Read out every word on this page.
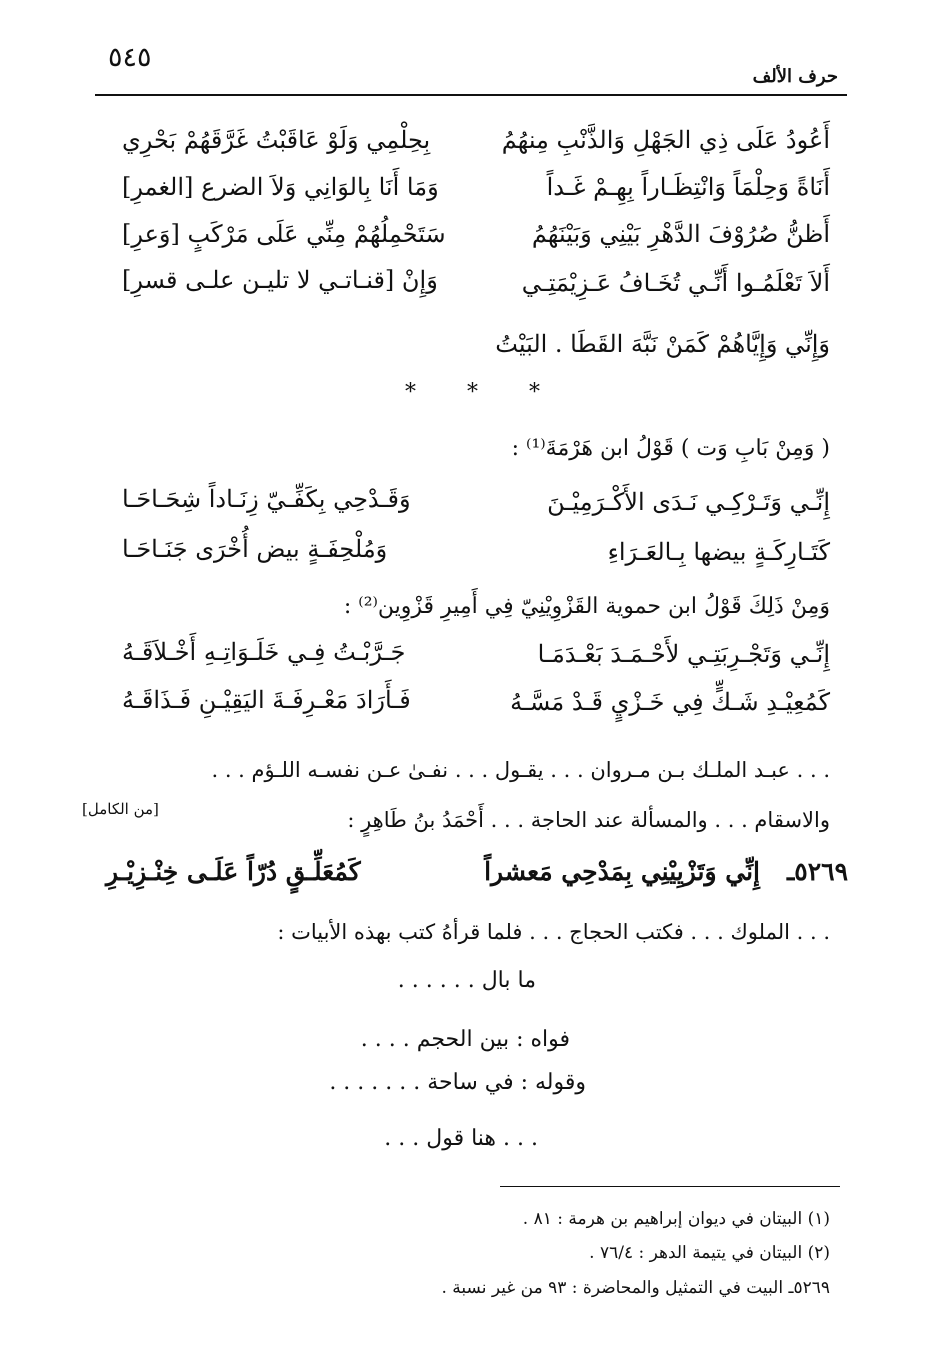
٥٤٥
حرف الألف
أَعُودُ عَلَى ذِي الجَهْلِ وَالذَّنْبِ مِنهُمُ
بِحِلْمِي وَلَوْ عَاقَبْتُ غَرَّقَهُمْ بَحْرِي
أَنَاةً وَحِلْمَاً وَانْتِظَـاراً بِهِـمْ غَـداً
وَمَا أَنَا بِالوَانِي وَلاَ الضرع [الغمرِ]
أَظنُّ صُرُوْفَ الدَّهْرِ بَيْنِي وَبَيْنَهُمُ
سَتَحْمِلُهُمْ مِنِّي عَلَى مَرْكَبٍ [وَعرِ]
أَلاَ تَعْلَمُـوا أَنِّـي تُخَـافُ عَـزِيْمَتِـي
وَإِنْ [قنـاتـي لا تليـن علـى قسرِ]
وَإِنِّي وَإِيَّاهُمْ كَمَنْ نَبَّهَ القَطَا . البَيْتُ
* * *
( وَمِنْ بَابِ وَت ) قَوْلُ ابن هَرْمَةَ⁽¹⁾ :
إِنِّـي وَتَـرْكِـي نَـدَى الأَكْـرَمِيْـنَ
وَقَـدْحِي بِكَفِّـيّ زِنَـاداً شِحَـاحَـا
كَتَـارِكَـةٍ بيضها بِـالعَـرَاءِ
وَمُلْحِفَـةٍ بيض أُخْرَى جَنَـاحَـا
وَمِنْ ذَلِكَ قَوْلُ ابن حموية القَزْوِيْنِيّ فِي أَمِيرِ قَزْوِين⁽²⁾ :
إِنِّـي وَتَجْـرِبَتِـي لأَحْـمَـدَ بَعْـدَمَـا
جَـرَّبْـتُ فِـي خَلَـوَاتِـهِ أَخْـلاَقَـهُ
كَمُعِيْـدِ شَـكٍّ فِي خَـزْيٍ قَـدْ مَسَّـهُ
فَـأَرَادَ مَعْـرِفَـةَ اليَقِيْـنِ فَـذَاقَـهُ
. . . عبـد الملـك بـن مـروان . . . يقـول . . . نفـىٰ عـن نفسـه اللـؤم . . .
والاسقام . . . والمسألة عند الحاجة . . . أَحْمَدُ بنُ طَاهِرٍ :
[من الكامل]
٥٢٦٩ـ
إِنِّي وَتَزْيِيْنِي بِمَدْحِي مَعشراً
كَمُعَلِّـقٍ دُرّاً عَلَـى خِنْـزِيْـرِ
. . . الملوك . . . فكتب الحجاج . . . فلما قرأهُ كتب بهذه الأبيات :
ما بال . . . . . .
فواه : بين الحجم . . . .
وقوله : في ساحة . . . . . . .
. . . هنا قول . . .
(١) البيتان في ديوان إبراهيم بن هرمة : ٨١ .
(٢) البيتان في يتيمة الدهر : ٧٦/٤ .
٥٢٦٩ـ البيت في التمثيل والمحاضرة : ٩٣ من غير نسبة .
